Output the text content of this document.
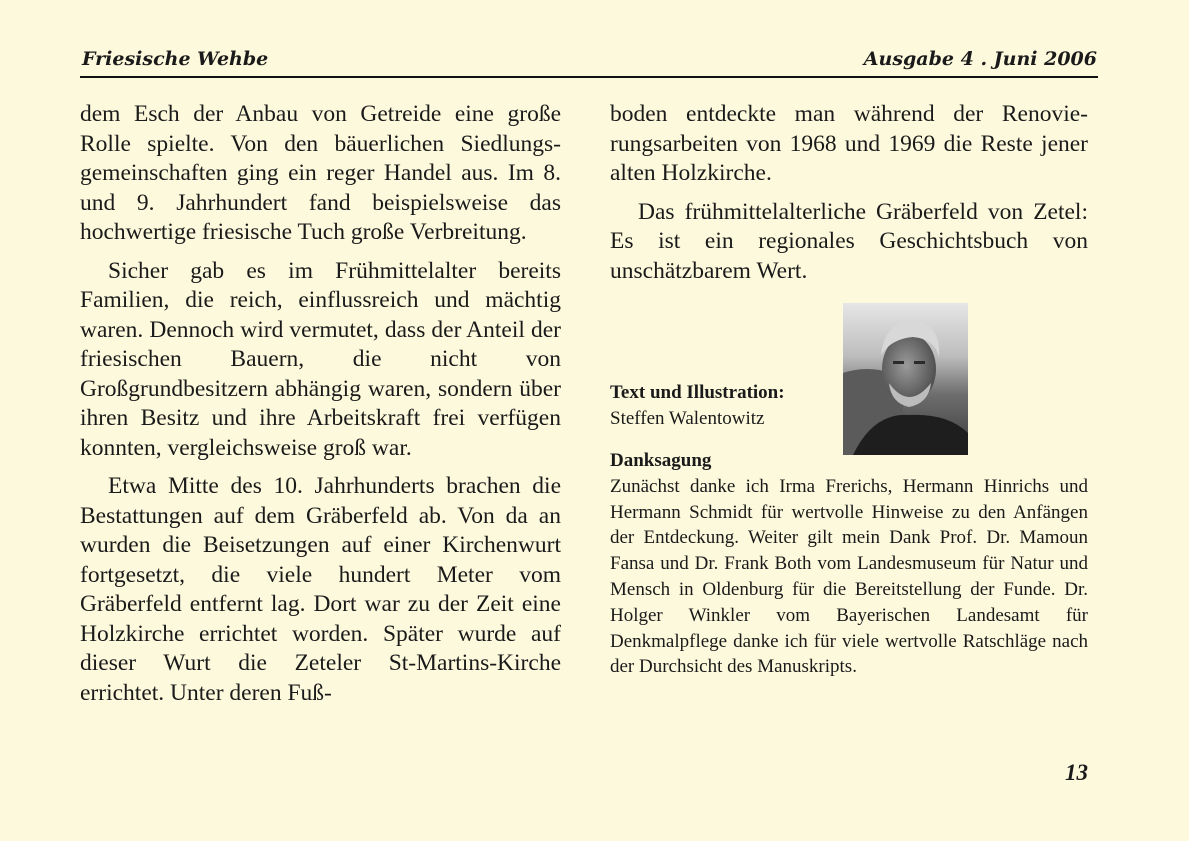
Friesische Wehbe	Ausgabe 4 . Juni 2006

dem Esch der Anbau von Getreide eine große Rolle spielte. Von den bäuerlichen Siedlungsgemeinschaften ging ein reger Handel aus. Im 8. und 9. Jahrhundert fand beispielsweise das hochwertige friesische Tuch große Verbreitung.

Sicher gab es im Frühmittelalter bereits Familien, die reich, einflussreich und mächtig waren. Dennoch wird vermutet, dass der Anteil der friesischen Bauern, die nicht von Großgrundbesitzern abhängig waren, sondern über ihren Besitz und ihre Arbeitskraft frei verfügen konnten, vergleichsweise groß war.

Etwa Mitte des 10. Jahrhunderts brachen die Bestattungen auf dem Gräberfeld ab. Von da an wurden die Beisetzungen auf einer Kirchenwurt fortgesetzt, die viele hundert Meter vom Gräberfeld entfernt lag. Dort war zu der Zeit eine Holzkirche errichtet worden. Später wurde auf dieser Wurt die Zeteler St-Martins-Kirche errichtet. Unter deren Fuß-

boden entdeckte man während der Renovierungsarbeiten von 1968 und 1969 die Reste jener alten Holzkirche.

Das frühmittelalterliche Gräberfeld von Zetel: Es ist ein regionales Geschichtsbuch von unschätzbarem Wert.

Text und Illustration:
Steffen Walentowitz
Danksagung
Zunächst danke ich Irma Frerichs, Hermann Hinrichs und Hermann Schmidt für wertvolle Hinweise zu den Anfängen der Entdeckung. Weiter gilt mein Dank Prof. Dr. Mamoun Fansa und Dr. Frank Both vom Landesmuseum für Natur und Mensch in Oldenburg für die Bereitstellung der Funde. Dr. Holger Winkler vom Bayerischen Landesamt für Denkmalpflege danke ich für viele wertvolle Ratschläge nach der Durchsicht des Manuskripts.
13
